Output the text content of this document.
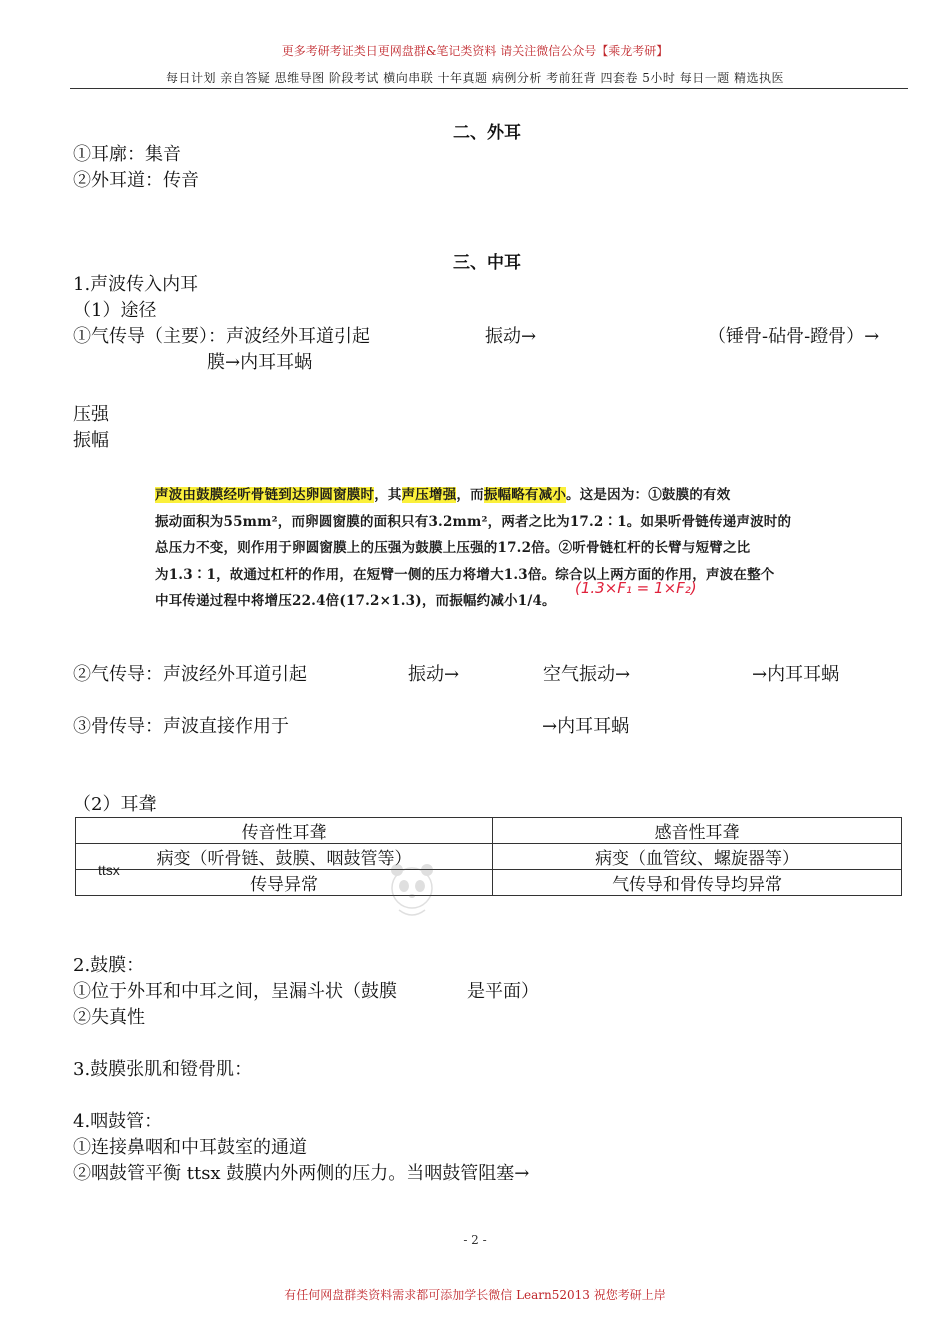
更多考研考证类日更网盘群&笔记类资料 请关注微信公众号【乘龙考研】
每日计划 亲自答疑 思维导图 阶段考试 横向串联 十年真题 病例分析 考前狂背 四套卷 5小时 每日一题 精选执医
二、外耳
①耳廓：集音
②外耳道：传音
三、中耳
1.声波传入内耳
（1）途径
①气传导（主要）：声波经外耳道引起	振动→	（锤骨-砧骨-蹬骨）→
膜→内耳耳蜗
压强
振幅
声波由鼓膜经听骨链到达卵圆窗膜时，其声压增强，而振幅略有减小。这是因为：①鼓膜的有效
振动面积为55mm²，而卵圆窗膜的面积只有3.2mm²，两者之比为17.2∶1。如果听骨链传递声波时的
总压力不变，则作用于卵圆窗膜上的压强为鼓膜上压强的17.2倍。②听骨链杠杆的长臂与短臂之比
为1.3∶1，故通过杠杆的作用，在短臂一侧的压力将增大1.3倍。综合以上两方面的作用，声波在整个
中耳传递过程中将增压22.4倍(17.2×1.3)，而振幅约减小1/4。
(1.3×F₁ = 1×F₂)
②气传导：声波经外耳道引起	振动→	空气振动→	→内耳耳蜗
③骨传导：声波直接作用于	→内耳耳蜗
（2）耳聋
传音性耳聋	感音性耳聋
病变（听骨链、鼓膜、咽鼓管等）	病变（血管纹、螺旋器等）
传导异常	气传导和骨传导均异常
ttsx
2.鼓膜：
①位于外耳和中耳之间，呈漏斗状（鼓膜	是平面）
②失真性
3.鼓膜张肌和镫骨肌：
4.咽鼓管：
①连接鼻咽和中耳鼓室的通道
②咽鼓管平衡 ttsx 鼓膜内外两侧的压力。当咽鼓管阻塞→
- 2 -
有任何网盘群类资料需求都可添加学长微信 Learn52013 祝您考研上岸
